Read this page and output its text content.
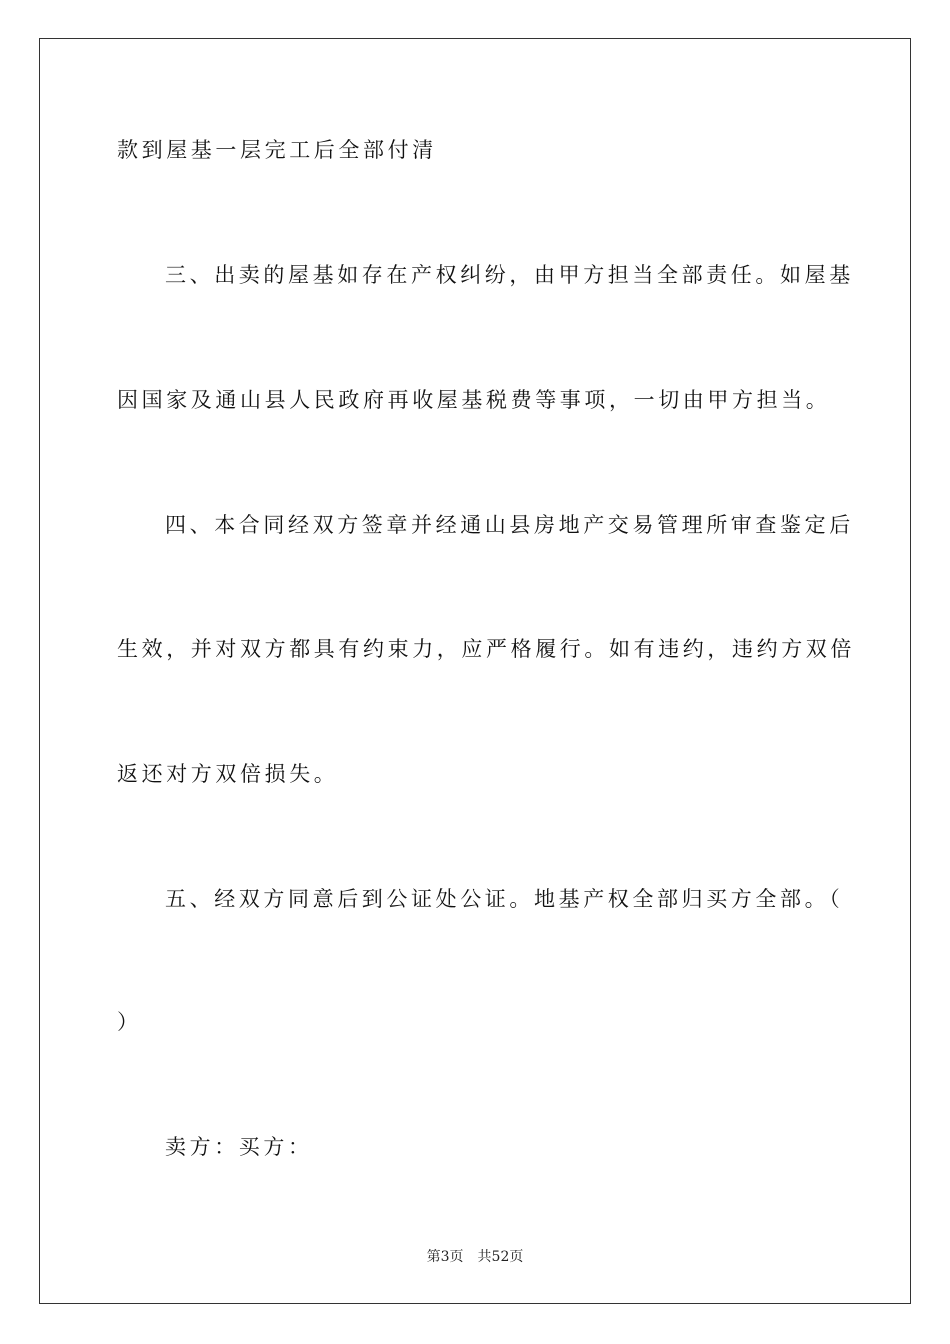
款到屋基一层完工后全部付清
三、出卖的屋基如存在产权纠纷，由甲方担当全部责任。如屋基
因国家及通山县人民政府再收屋基税费等事项，一切由甲方担当。
四、本合同经双方签章并经通山县房地产交易管理所审查鉴定后
生效，并对双方都具有约束力，应严格履行。如有违约，违约方双倍
返还对方双倍损失。
五、经双方同意后到公证处公证。地基产权全部归买方全部。（
）
卖方：买方：
第3页　共52页
